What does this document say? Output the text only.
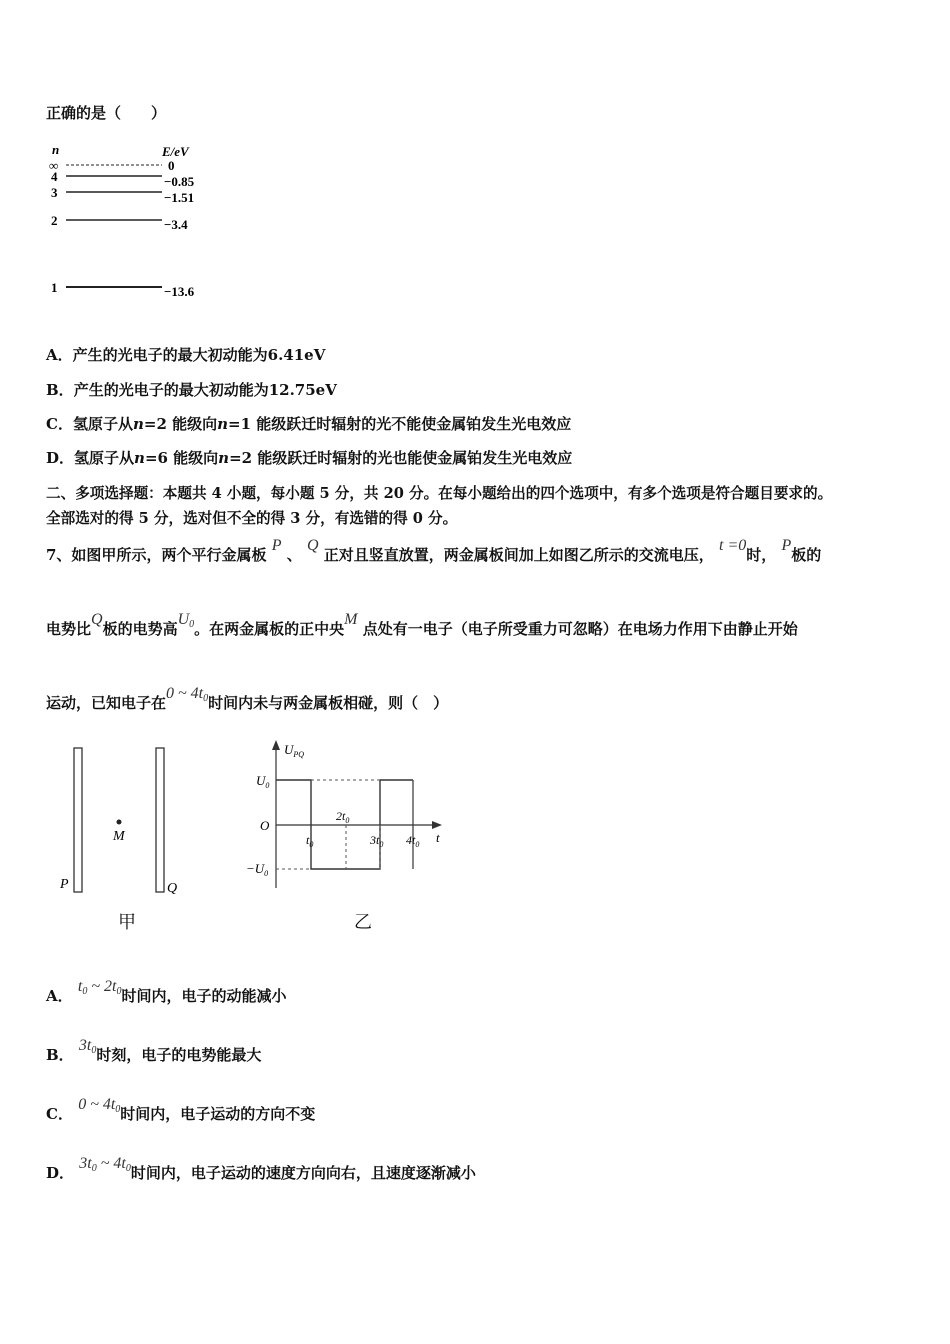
正确的是（　　）
n	E/eV
∞
4
3
2
1
0
−0.85
−1.51
−3.4
−13.6
A．产生的光电子的最大初动能为6.41eV
B．产生的光电子的最大初动能为12.75eV
C．氢原子从n=2 能级向n=1 能级跃迁时辐射的光不能使金属铂发生光电效应
D．氢原子从n=6 能级向n=2 能级跃迁时辐射的光也能使金属铂发生光电效应
二、多项选择题：本题共 4 小题，每小题 5 分，共 20 分。在每小题给出的四个选项中，有多个选项是符合题目要求的。
全部选对的得 5 分，选对但不全的得 3 分，有选错的得 0 分。
7、如图甲所示，两个平行金属板 P 、 Q 正对且竖直放置，两金属板间加上如图乙所示的交流电压， t =0时， P板的
电势比Q板的电势高$U_0$。在两金属板的正中央M 点处有一电子（电子所受重力可忽略）在电场力作用下由静止开始
运动，已知电子在0 ~ $4t_0$时间内未与两金属板相碰，则（　）
M
P	Q
甲
$U_{PQ}$
t
O
$U_0$
$-U_0$
$t_0$
$2t_0$
$3t_0$ $4t_0$
乙
A． $t_0$ ~ $2t_0$时间内，电子的动能减小
B． $3t_0$时刻，电子的电势能最大
C． 0 ~ $4t_0$时间内，电子运动的方向不变
D． $3t_0$ ~ $4t_0$时间内，电子运动的速度方向向右，且速度逐渐减小
